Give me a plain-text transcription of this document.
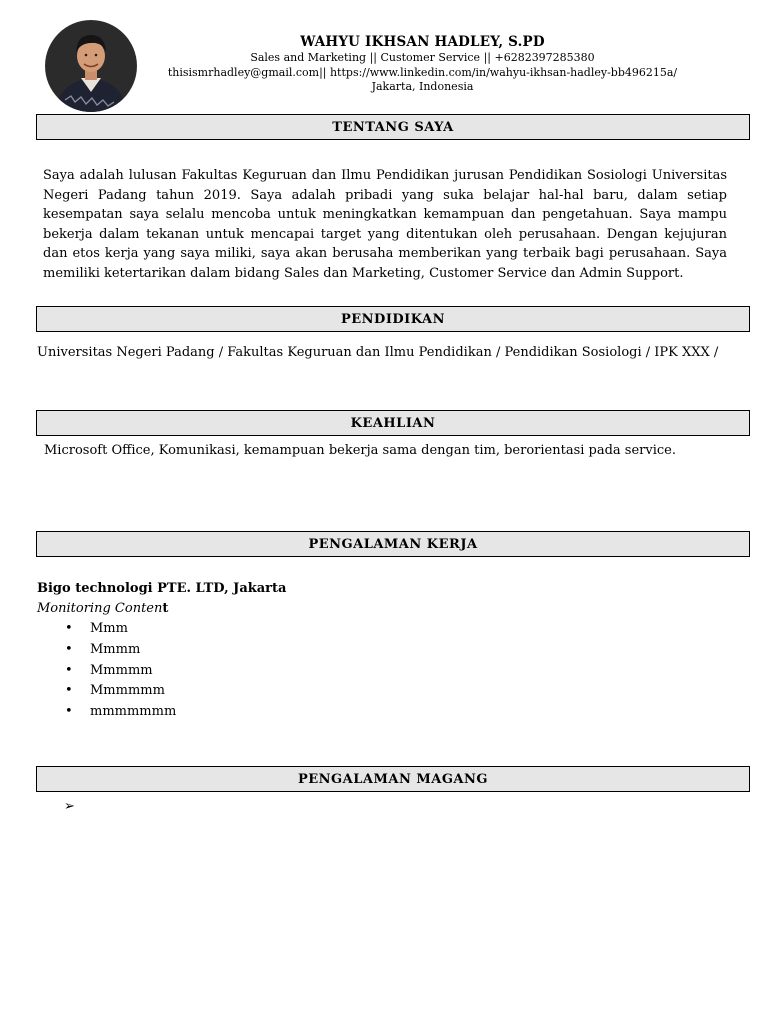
WAHYU IKHSAN HADLEY, S.PD
Sales and Marketing || Customer Service || +6282397285380
thisismrhadley@gmail.com|| https://www.linkedin.com/in/wahyu-ikhsan-hadley-bb496215a/
Jakarta, Indonesia
TENTANG SAYA
Saya adalah lulusan Fakultas Keguruan dan Ilmu Pendidikan jurusan Pendidikan Sosiologi Universitas Negeri Padang tahun 2019. Saya adalah pribadi yang suka belajar hal-hal baru, dalam setiap kesempatan saya selalu mencoba untuk meningkatkan kemampuan dan pengetahuan. Saya mampu bekerja dalam tekanan untuk mencapai target yang ditentukan oleh perusahaan. Dengan kejujuran dan etos kerja yang saya miliki, saya akan berusaha memberikan yang terbaik bagi perusahaan. Saya memiliki ketertarikan dalam bidang Sales dan Marketing, Customer Service dan Admin Support.
PENDIDIKAN
Universitas Negeri Padang / Fakultas Keguruan dan Ilmu Pendidikan / Pendidikan Sosiologi / IPK XXX /
KEAHLIAN
Microsoft Office, Komunikasi, kemampuan bekerja sama dengan tim, berorientasi pada service.
PENGALAMAN KERJA
Bigo technologi PTE. LTD, Jakarta
Monitoring Content
• Mmm
• Mmmm
• Mmmmm
• Mmmmmm
• mmmmmmm
PENGALAMAN MAGANG
➢
